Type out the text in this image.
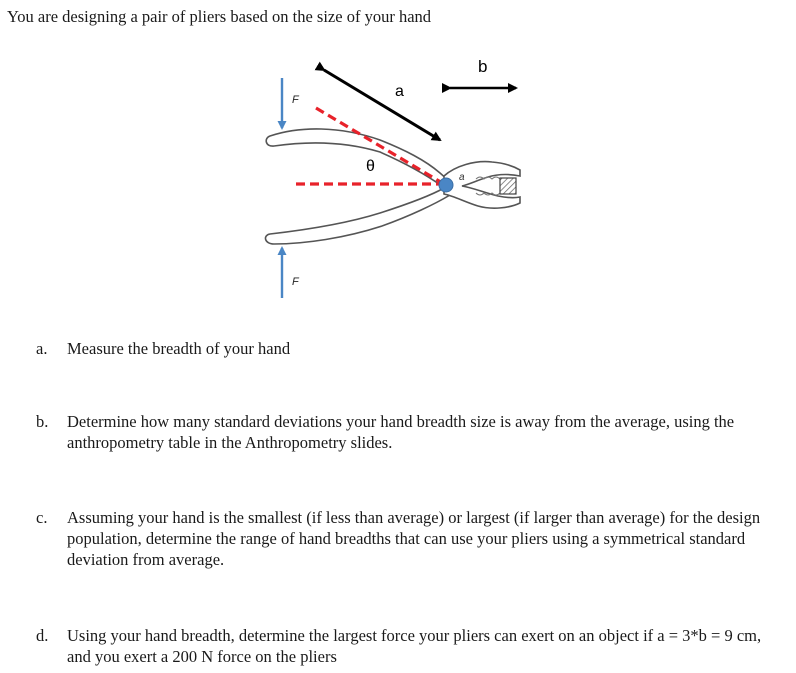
You are designing a pair of pliers based on the size of your hand
a
b
θ
a
F
F
a.	Measure the breadth of your hand
b.	Determine how many standard deviations your hand breadth size is away from the average, using the anthropometry table in the Anthropometry slides.
c.	Assuming your hand is the smallest (if less than average) or largest (if larger than average) for the design population, determine the range of hand breadths that can use your pliers using a symmetrical standard deviation from average.
d.	Using your hand breadth, determine the largest force your pliers can exert on an object if a = 3*b = 9 cm, and you exert a 200 N force on the pliers
